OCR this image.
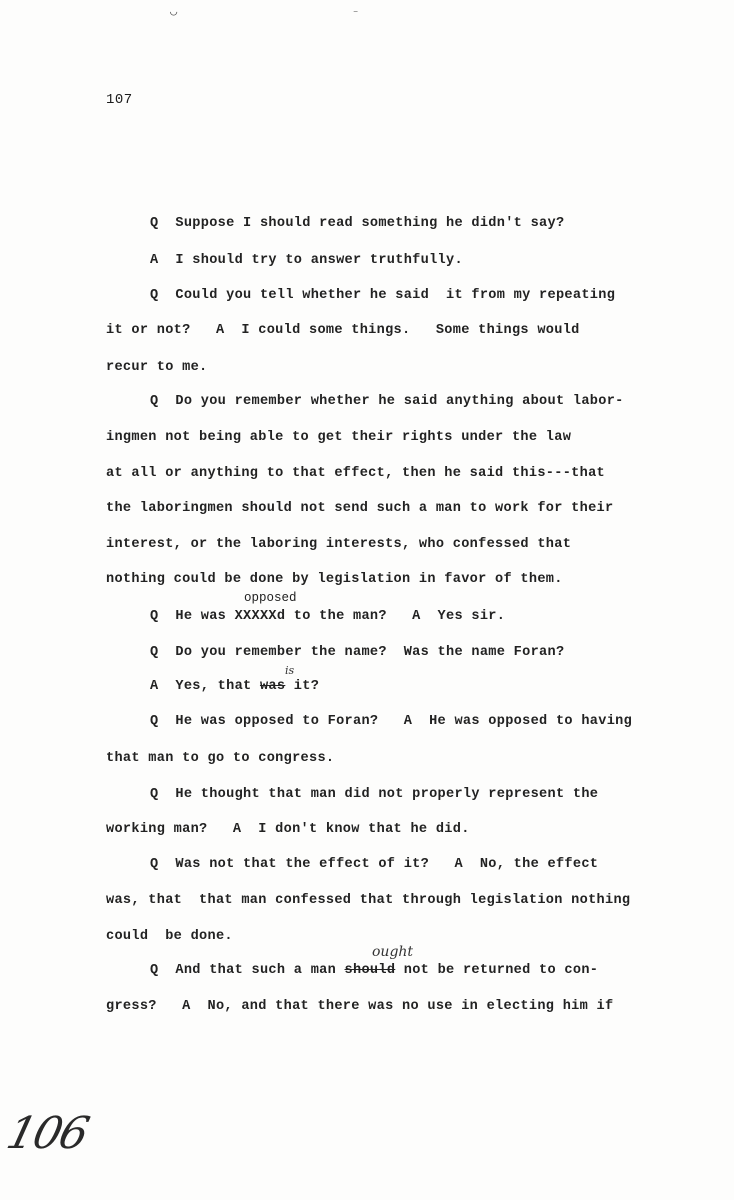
◡	⁻
107
Q  Suppose I should read something he didn't say?
A  I should try to answer truthfully.
Q  Could you tell whether he said  it from my repeating
it or not?   A  I could some things.   Some things would
recur to me.
Q  Do you remember whether he said anything about labor-
ingmen not being able to get their rights under the law
at all or anything to that effect, then he said this---that
the laboringmen should not send such a man to work for their
interest, or the laboring interests, who confessed that
nothing could be done by legislation in favor of them.
opposed
Q  He was XXXXXd to the man?   A  Yes sir.
Q  Do you remember the name?  Was the name Foran?
Q  He was opposed to Foran?   A  He was opposed to having
that man to go to congress.
Q  He thought that man did not properly represent the
working man?   A  I don't know that he did.
Q  Was not that the effect of it?   A  No, the effect
was, that  that man confessed that through legislation nothing
could  be done.
A  Yes, that was it?
is
Q  And that such a man should not be returned to con-
ought
gress?   A  No, and that there was no use in electing him if
106
